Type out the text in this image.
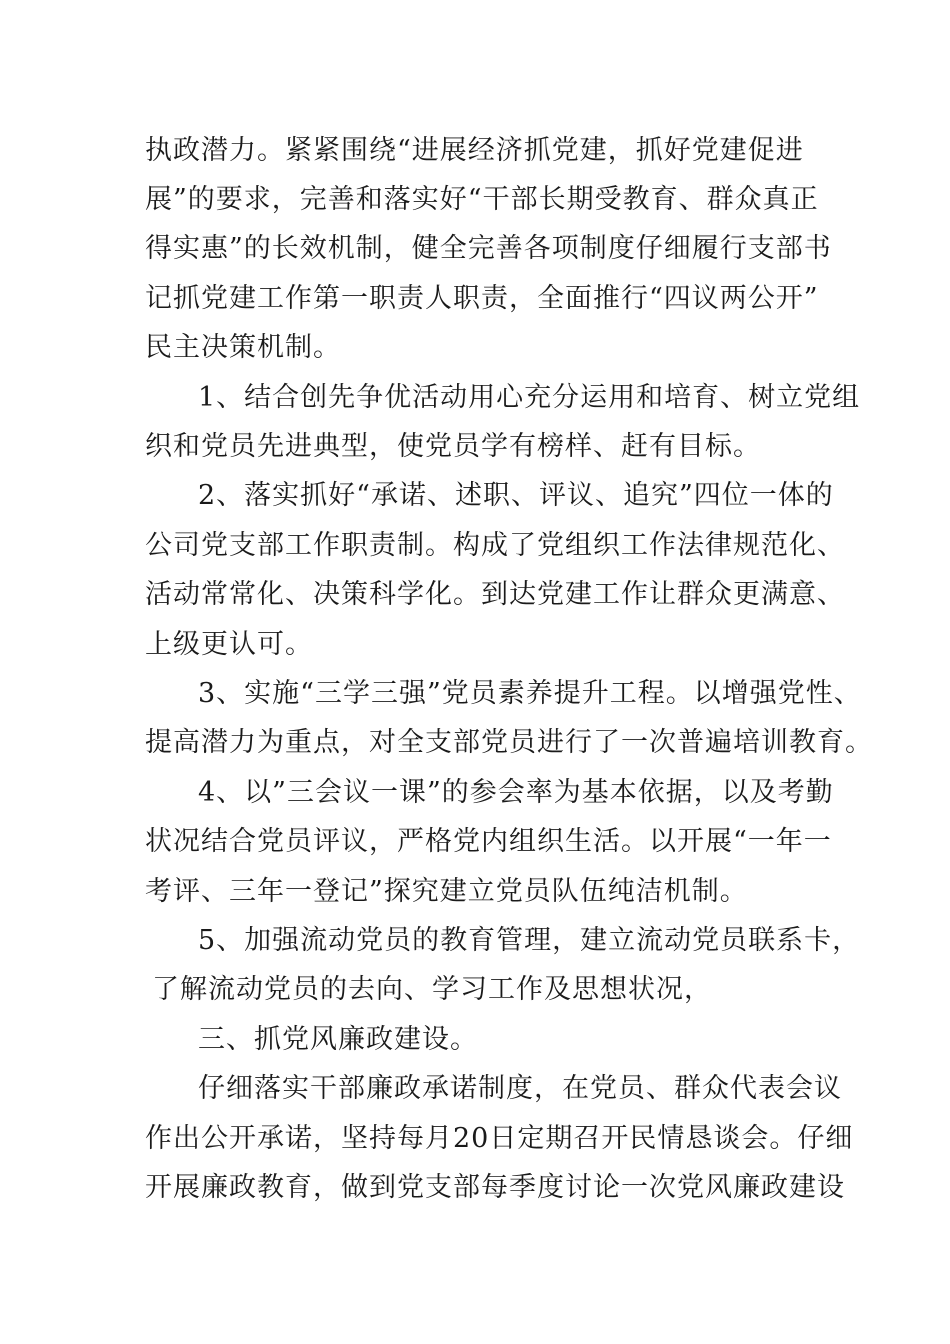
执政潜力。紧紧围绕“进展经济抓党建，抓好党建促进
展”的要求，完善和落实好“干部长期受教育、群众真正
得实惠”的长效机制，健全完善各项制度仔细履行支部书
记抓党建工作第一职责人职责，全面推行“四议两公开”
民主决策机制。
1、结合创先争优活动用心充分运用和培育、树立党组
织和党员先进典型，使党员学有榜样、赶有目标。
2、落实抓好“承诺、述职、评议、追究”四位一体的
公司党支部工作职责制。构成了党组织工作法律规范化、
活动常常化、决策科学化。到达党建工作让群众更满意、
上级更认可。
3、实施“三学三强”党员素养提升工程。以增强党性、
提高潜力为重点，对全支部党员进行了一次普遍培训教育。
4、以”三会议一课”的参会率为基本依据，以及考勤
状况结合党员评议，严格党内组织生活。以开展“一年一
考评、三年一登记”探究建立党员队伍纯洁机制。
5、加强流动党员的教育管理，建立流动党员联系卡，
了解流动党员的去向、学习工作及思想状况，
三、抓党风廉政建设。
仔细落实干部廉政承诺制度，在党员、群众代表会议
作出公开承诺，坚持每月20日定期召开民情恳谈会。仔细
开展廉政教育，做到党支部每季度讨论一次党风廉政建设
